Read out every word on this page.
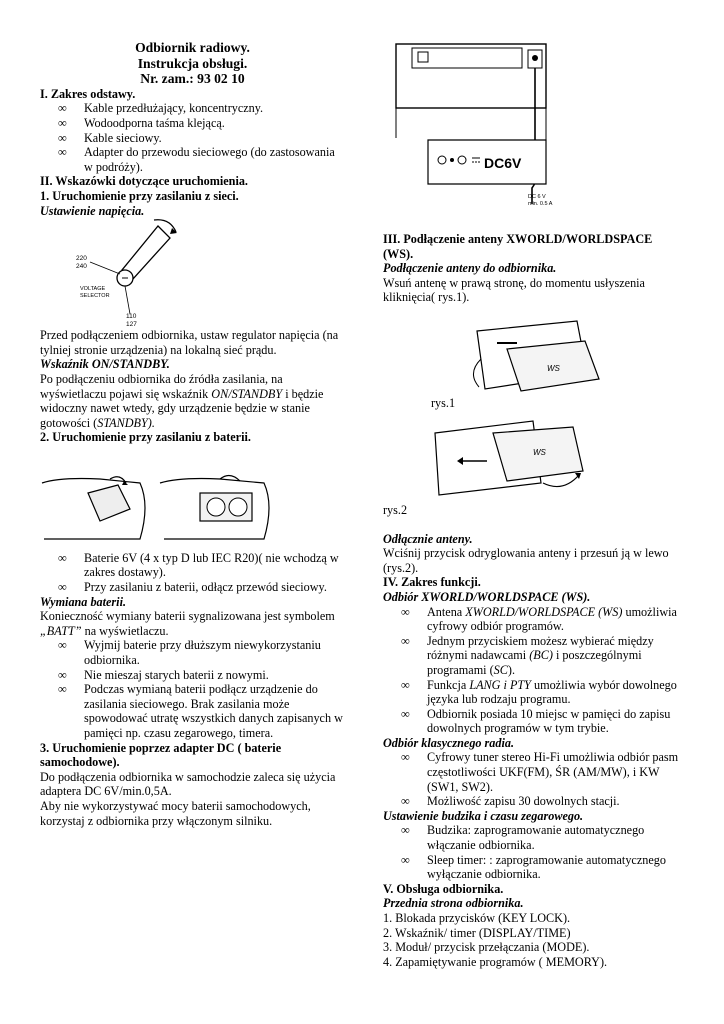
Odbiornik radiowy.
Instrukcja obsługi.
Nr. zam.: 93 02 10

I. Zakres odstawy.

∞ Kable przedłużający, koncentryczny.
∞ Wodoodporna taśma klejącą.
∞ Kable sieciowy.
∞ Adapter do przewodu sieciowego (do zastosowania w podróży).

II. Wskazówki dotyczące uruchomienia.

1. Uruchomienie przy zasilaniu z sieci.

Ustawienie napięcia.

220
240
VOLTAGE
SELECTOR
110
127

Przed podłączeniem odbiornika, ustaw regulator napięcia (na tylniej stronie urządzenia) na lokalną sieć prądu.

Wskaźnik ON/STANDBY.

Po podłączeniu odbiornika do źródła zasilania, na wyświetlaczu pojawi się wskaźnik ON/STANDBY i będzie widoczny nawet wtedy, gdy urządzenie będzie w stanie gotowości (STANDBY).

2. Uruchomienie przy zasilaniu z baterii.

∞ Baterie 6V (4 x typ D lub IEC R20)( nie wchodzą w zakres dostawy).
∞ Przy zasilaniu z baterii, odłącz przewód sieciowy.

Wymiana baterii.

Konieczność wymiany baterii sygnalizowana jest symbolem „BATT” na wyświetlaczu.

∞ Wyjmij baterie przy dłuższym niewykorzystaniu odbiornika.
∞ Nie mieszaj starych baterii z nowymi.
∞ Podczas wymianą baterii podłącz urządzenie do zasilania sieciowego. Brak zasilania może spowodować utratę wszystkich danych zapisanych w pamięci np. czasu zegarowego, timera.

3. Uruchomienie poprzez adapter DC ( baterie samochodowe).

Do podłączenia odbiornika w samochodzie zaleca się użycia adaptera DC 6V/min.0,5A.

Aby nie wykorzystywać mocy baterii samochodowych, korzystaj z odbiornika przy włączonym silniku.

DC6V
DC 6 V
min. 0.5 A

III. Podłączenie anteny XWORLD/WORLDSPACE (WS).

Podłączenie anteny do odbiornika.

Wsuń antenę w prawą stronę, do momentu usłyszenia kliknięcia( rys.1).

WS
rys.1
WS

rys.2

Odłącznie anteny.

Wciśnij przycisk odryglowania anteny i przesuń ją w lewo (rys.2).

IV. Zakres funkcji.

Odbiór XWORLD/WORLDSPACE (WS).

∞ Antena XWORLD/WORLDSPACE (WS) umożliwia cyfrowy odbiór programów.
∞ Jednym przyciskiem możesz wybierać między różnymi nadawcami (BC) i poszczególnymi programami (SC).
∞ Funkcja LANG i PTY umożliwia wybór dowolnego języka lub rodzaju programu.
∞ Odbiornik posiada 10 miejsc w pamięci do zapisu dowolnych programów w tym trybie.

Odbiór klasycznego radia.

∞ Cyfrowy tuner stereo Hi-Fi umożliwia odbiór pasm częstotliwości UKF(FM), ŚR (AM/MW), i KW (SW1, SW2).
∞ Możliwość zapisu 30 dowolnych stacji.

Ustawienie budzika i czasu zegarowego.

∞ Budzika: zaprogramowanie automatycznego włączanie odbiornika.
∞ Sleep timer: : zaprogramowanie automatycznego wyłączanie odbiornika.

V. Obsługa odbiornika.

Przednia strona odbiornika.

1. Blokada przycisków (KEY LOCK).

2. Wskaźnik/ timer (DISPLAY/TIME)

3. Moduł/ przycisk przełączania (MODE).

4. Zapamiętywanie programów ( MEMORY).
